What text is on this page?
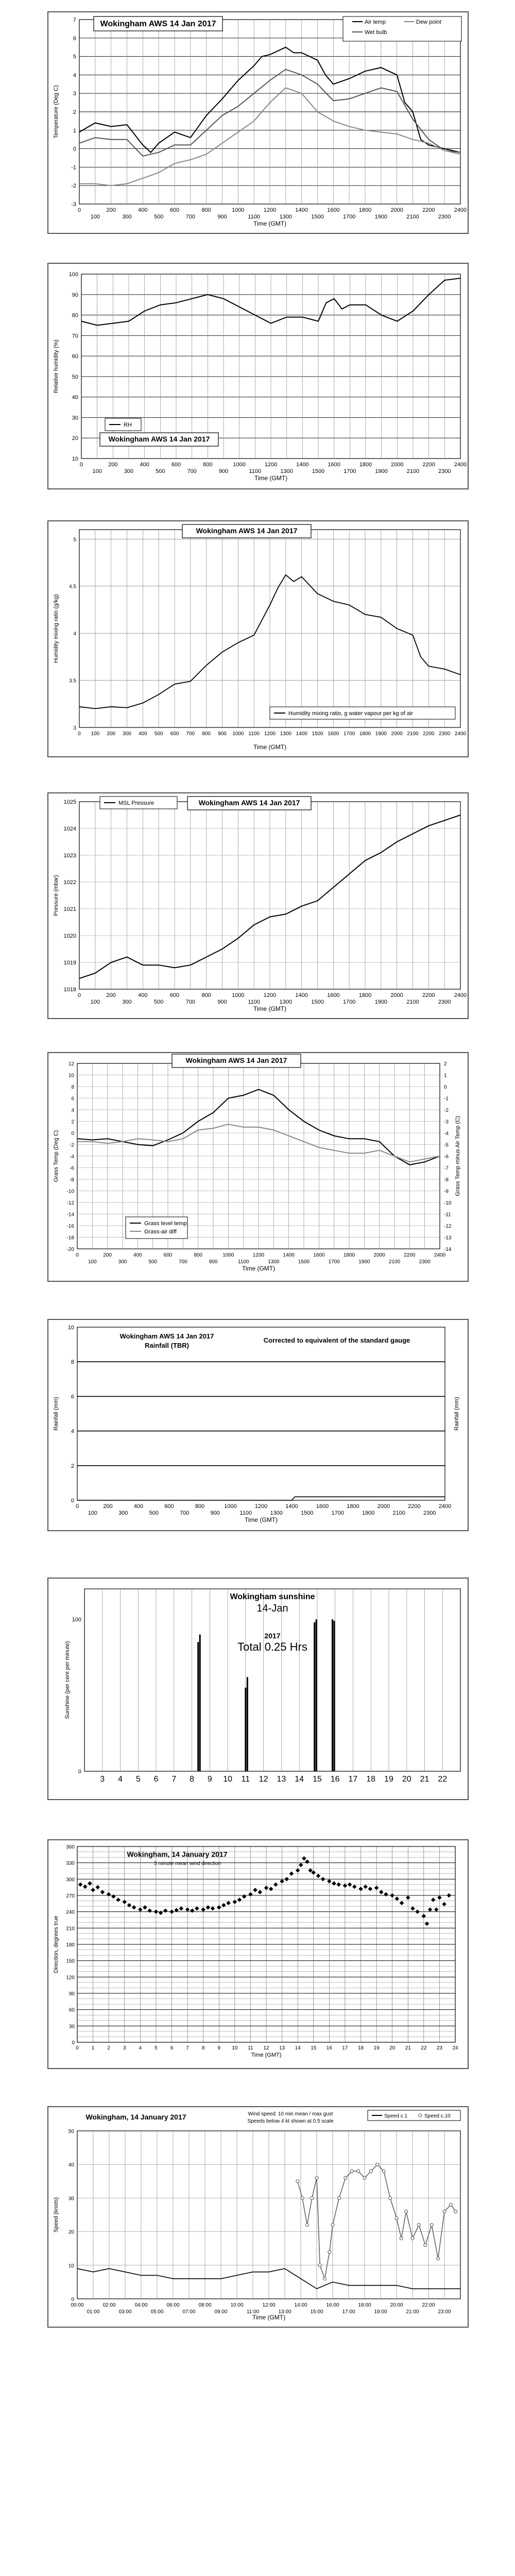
-3
-2
-1
0
1
2
3
4
5
6
7
0	200	400	600	800	1000	1200	1400	1600	1800	2000	2200	2400
100	300	500	700	900	1100	1300	1500	1700	1900	2100	2300
Time (GMT)
Temperature (Deg C)
Wokingham AWS 14 Jan 2017	Air temp	Dew point
Wet bulb
10
20
30
40
50
60
70
80
90
100
0	200	400	600	800	1000	1200	1400	1600	1800	2000	2200	2400
100	300	500	700	900	1100	1300	1500	1700	1900	2100	2300
Time (GMT)
Relative humidity (%)
RH
Wokingham AWS 14 Jan 2017
3
3.5
4
4.5
5
0 100 200 300 400 500 600 700 800 900 1000 1100 1200 1300 1400 1500 1600 1700 1800 1900 2000 2100 2200 2300 2400
Time (GMT)
Humidity mixing ratio (g/kg)
Wokingham AWS 14 Jan 2017
Humidity mixing ratio, g water vapour per kg of air
1018
1019
1020
1021
1022
1023
1024
1025
0	200	400	600	800	1000	1200	1400	1600	1800	2000	2200	2400
100	300	500	700	900	1100	1300	1500	1700	1900	2100	2300
Time (GMT)
Pressure (mbar)
MSL Pressure	Wokingham AWS 14 Jan 2017
12
10
8
6
4
2
0
-2
-4
-6
-8
-10
-12
-14
-16
-18
-20
0	200	400	600	800	1000	1200	1400	1600	1800	2000	2200	2400
100	300	500	700	900	1100	1300	1500	1700	1900	2100	2300
Time (GMT)
Grass Temp (Deg C)
2
1
0
-1
-2
-3
-4
-5
-6
-7
-8
-9
-10
-11
-12
-13
-14
Grass Temp minus Air Temp (C)
Wokingham AWS 14 Jan 2017
Grass level temp
Grass-air diff
0
2
4
6
8
10
0	200	400	600	800	1000	1200	1400	1600	1800	2000	2200	2400
100	300	500	700	900	1100	1300	1500	1700	1900	2100	2300
Time (GMT)
Rainfall (mm)	Rainfall (mm)
Wokingham AWS 14 Jan 2017
Rainfall (TBR)
Corrected to equivalent of the standard gauge
3 4 5 6 7 8 9 10 11 12 13 14 15 16 17 18 19 20 21 22
0
100
Sunshine (per cent per minute)
Wokingham sunshine
14-Jan
2017
Total 0.25 Hrs
0	1	2	3	4	5	6	7	8	9 10 11 12 13 14 15 16 17 18 19 20 21 22 23 24
0
30
60
90
120
150
180
210
240
270
300
330
360
Time (GMT)
Direction, degrees true
Wokingham, 14 January 2017
5 minute mean wind direction
0
10
20
30
40
50
00:00	02:00	04:00	06:00	08:00	10:00	12:00	14:00	16:00	18:00	20:00	22:00
01:00	03:00	05:00	07:00	09:00	11:00	13:00	15:00	17:00	19:00	21:00	23:00
Time (GMT)
Speed (knots)
Wokingham, 14 January 2017	Wind speed: 10 min mean / max gust
Speeds below 4 kt shown at 0.5 scale
Speed c.1	Speed c.10
